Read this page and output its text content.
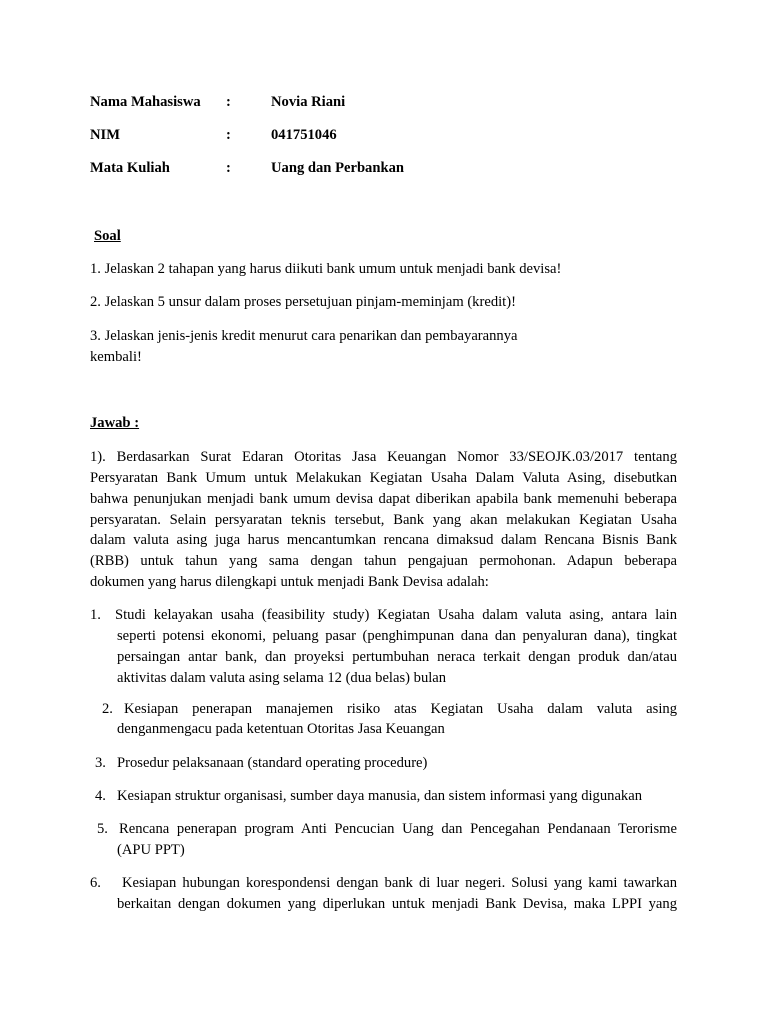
Nama Mahasiswa :	Novia Riani
NIM	:	041751046
Mata Kuliah	:	Uang dan Perbankan
Soal
1. Jelaskan 2 tahapan yang harus diikuti bank umum untuk menjadi bank devisa!
2. Jelaskan 5 unsur dalam proses persetujuan pinjam-meminjam (kredit)!
3. Jelaskan jenis-jenis kredit menurut cara penarikan dan pembayarannya
kembali!
Jawab :
1). Berdasarkan Surat Edaran Otoritas Jasa Keuangan Nomor 33/SEOJK.03/2017 tentang
Persyaratan Bank Umum untuk Melakukan Kegiatan Usaha Dalam Valuta Asing, disebutkan
bahwa penunjukan menjadi bank umum devisa dapat diberikan apabila bank memenuhi beberapa
persyaratan. Selain persyaratan teknis tersebut, Bank yang akan melakukan Kegiatan Usaha
dalam valuta asing juga harus mencantumkan rencana dimaksud dalam Rencana Bisnis Bank
(RBB) untuk tahun yang sama dengan tahun pengajuan permohonan. Adapun beberapa
dokumen yang harus dilengkapi untuk menjadi Bank Devisa adalah:
1. Studi kelayakan usaha (feasibility study) Kegiatan Usaha dalam valuta asing, antara lain
seperti potensi ekonomi, peluang pasar (penghimpunan dana dan penyaluran dana), tingkat
persaingan antar bank, dan proyeksi pertumbuhan neraca terkait dengan produk dan/atau
aktivitas dalam valuta asing selama 12 (dua belas) bulan
2. Kesiapan penerapan manajemen risiko atas Kegiatan Usaha dalam valuta asing
denganmengacu pada ketentuan Otoritas Jasa Keuangan
3. Prosedur pelaksanaan (standard operating procedure)
4. Kesiapan struktur organisasi, sumber daya manusia, dan sistem informasi yang digunakan
5. Rencana penerapan program Anti Pencucian Uang dan Pencegahan Pendanaan Terorisme
(APU PPT)
6. Kesiapan hubungan korespondensi dengan bank di luar negeri. Solusi yang kami tawarkan
berkaitan dengan dokumen yang diperlukan untuk menjadi Bank Devisa, maka LPPI yang
